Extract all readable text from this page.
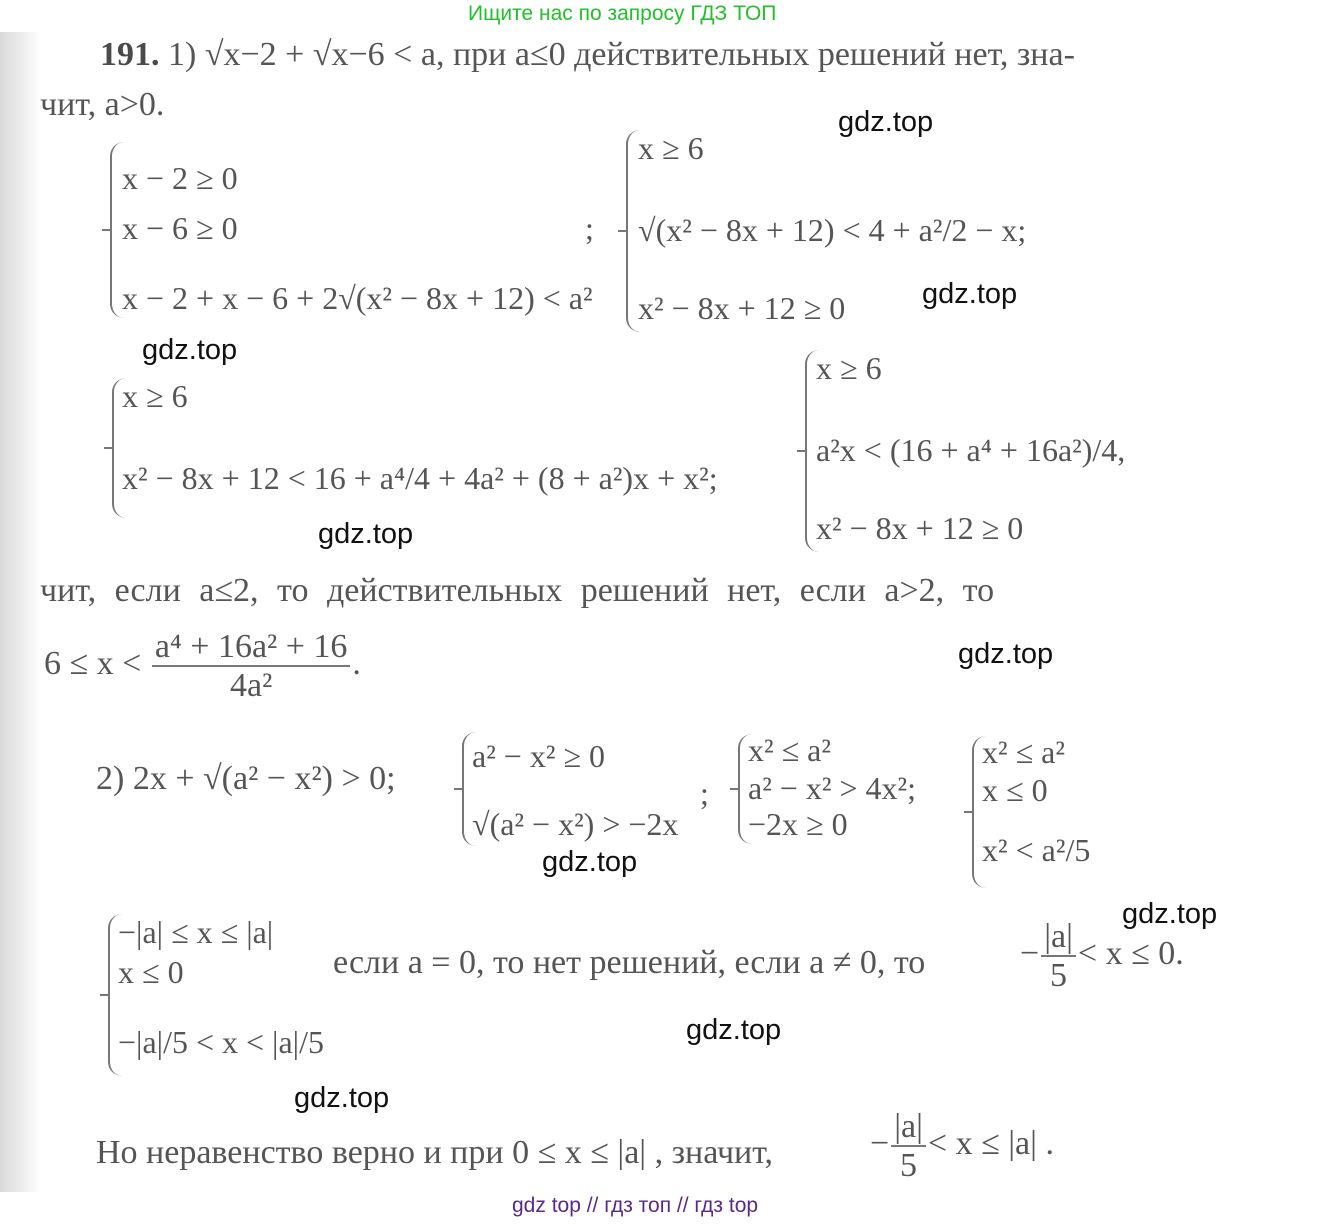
Ищите нас по запросу ГДЗ ТОП
191. 1) √x−2 + √x−6 < a, при a≤0 действительных решений нет, зна-
чит, a>0.
x − 2 ≥ 0
x − 6 ≥ 0
x − 2 + x − 6 + 2√(x² − 8x + 12) < a²
;
x ≥ 6
√(x² − 8x + 12) < 4 + a²/2 − x;
x² − 8x + 12 ≥ 0
x ≥ 6
x² − 8x + 12 < 16 + a⁴/4 + 4a² + (8 + a²)x + x²;
x ≥ 6
a²x < (16 + a⁴ + 16a²)/4,
x² − 8x + 12 ≥ 0
чит, если a≤2, то действительных решений нет, если a>2, то
$6 \le x < \frac{\text{a⁴ + 16a² + 16}}{\text{4a²}}$ .
2) 2x + √(a² − x²) > 0;
a² − x² ≥ 0
√(a² − x²) > −2x
;
x² ≤ a²
a² − x² > 4x²;
−2x ≥ 0
x² ≤ a²
x ≤ 0
x² < a²/5
−|a| ≤ x ≤ |a|
x ≤ 0
−|a|/5 < x < |a|/5
если a = 0, то нет решений, если a ≠ 0, то	− $\frac{|a|}{5} < x \le 0$.
Но неравенство верно и при 0 ≤ x ≤ |a| , значит,	− $\frac{|a|}{5} < x \le |a|$ .
gdz.top
gdz.top
gdz.top
gdz.top
gdz.top
gdz.top
gdz.top
gdz.top
gdz.top
gdz top // гдз топ // гдз top
